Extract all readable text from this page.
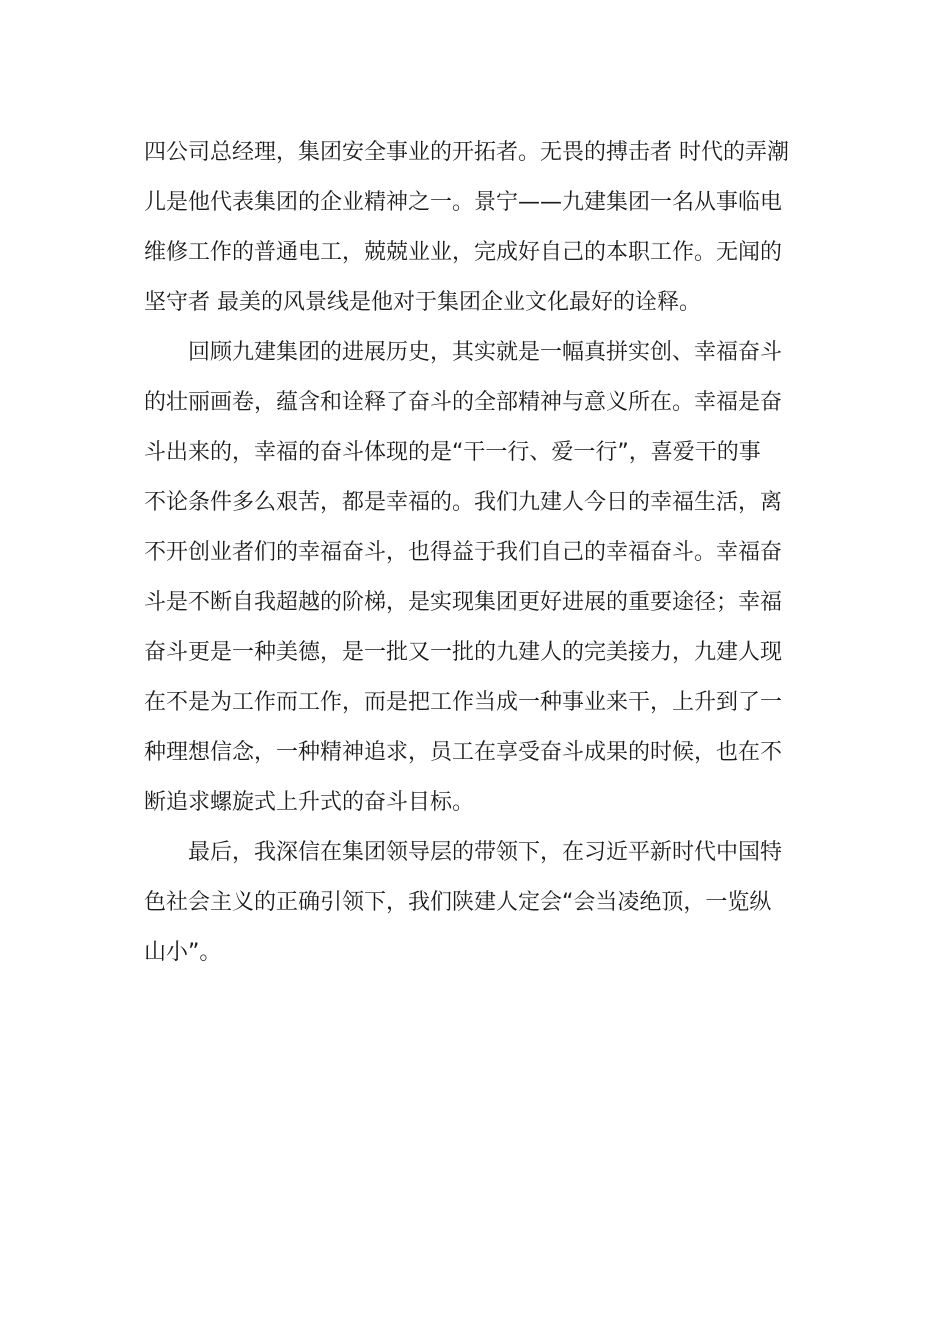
四公司总经理，集团安全事业的开拓者。无畏的搏击者 时代的弄潮
儿是他代表集团的企业精神之一。景宁——九建集团一名从事临电
维修工作的普通电工，兢兢业业，完成好自己的本职工作。无闻的
坚守者 最美的风景线是他对于集团企业文化最好的诠释。

回顾九建集团的进展历史，其实就是一幅真拼实创、幸福奋斗
的壮丽画卷，蕴含和诠释了奋斗的全部精神与意义所在。幸福是奋
斗出来的，幸福的奋斗体现的是“干一行、爱一行”，喜爱干的事
不论条件多么艰苦，都是幸福的。我们九建人今日的幸福生活，离
不开创业者们的幸福奋斗，也得益于我们自己的幸福奋斗。幸福奋
斗是不断自我超越的阶梯，是实现集团更好进展的重要途径；幸福
奋斗更是一种美德，是一批又一批的九建人的完美接力，九建人现
在不是为工作而工作，而是把工作当成一种事业来干，上升到了一
种理想信念，一种精神追求，员工在享受奋斗成果的时候，也在不
断追求螺旋式上升式的奋斗目标。

最后，我深信在集团领导层的带领下，在习近平新时代中国特
色社会主义的正确引领下，我们陕建人定会“会当凌绝顶，一览纵
山小”。
